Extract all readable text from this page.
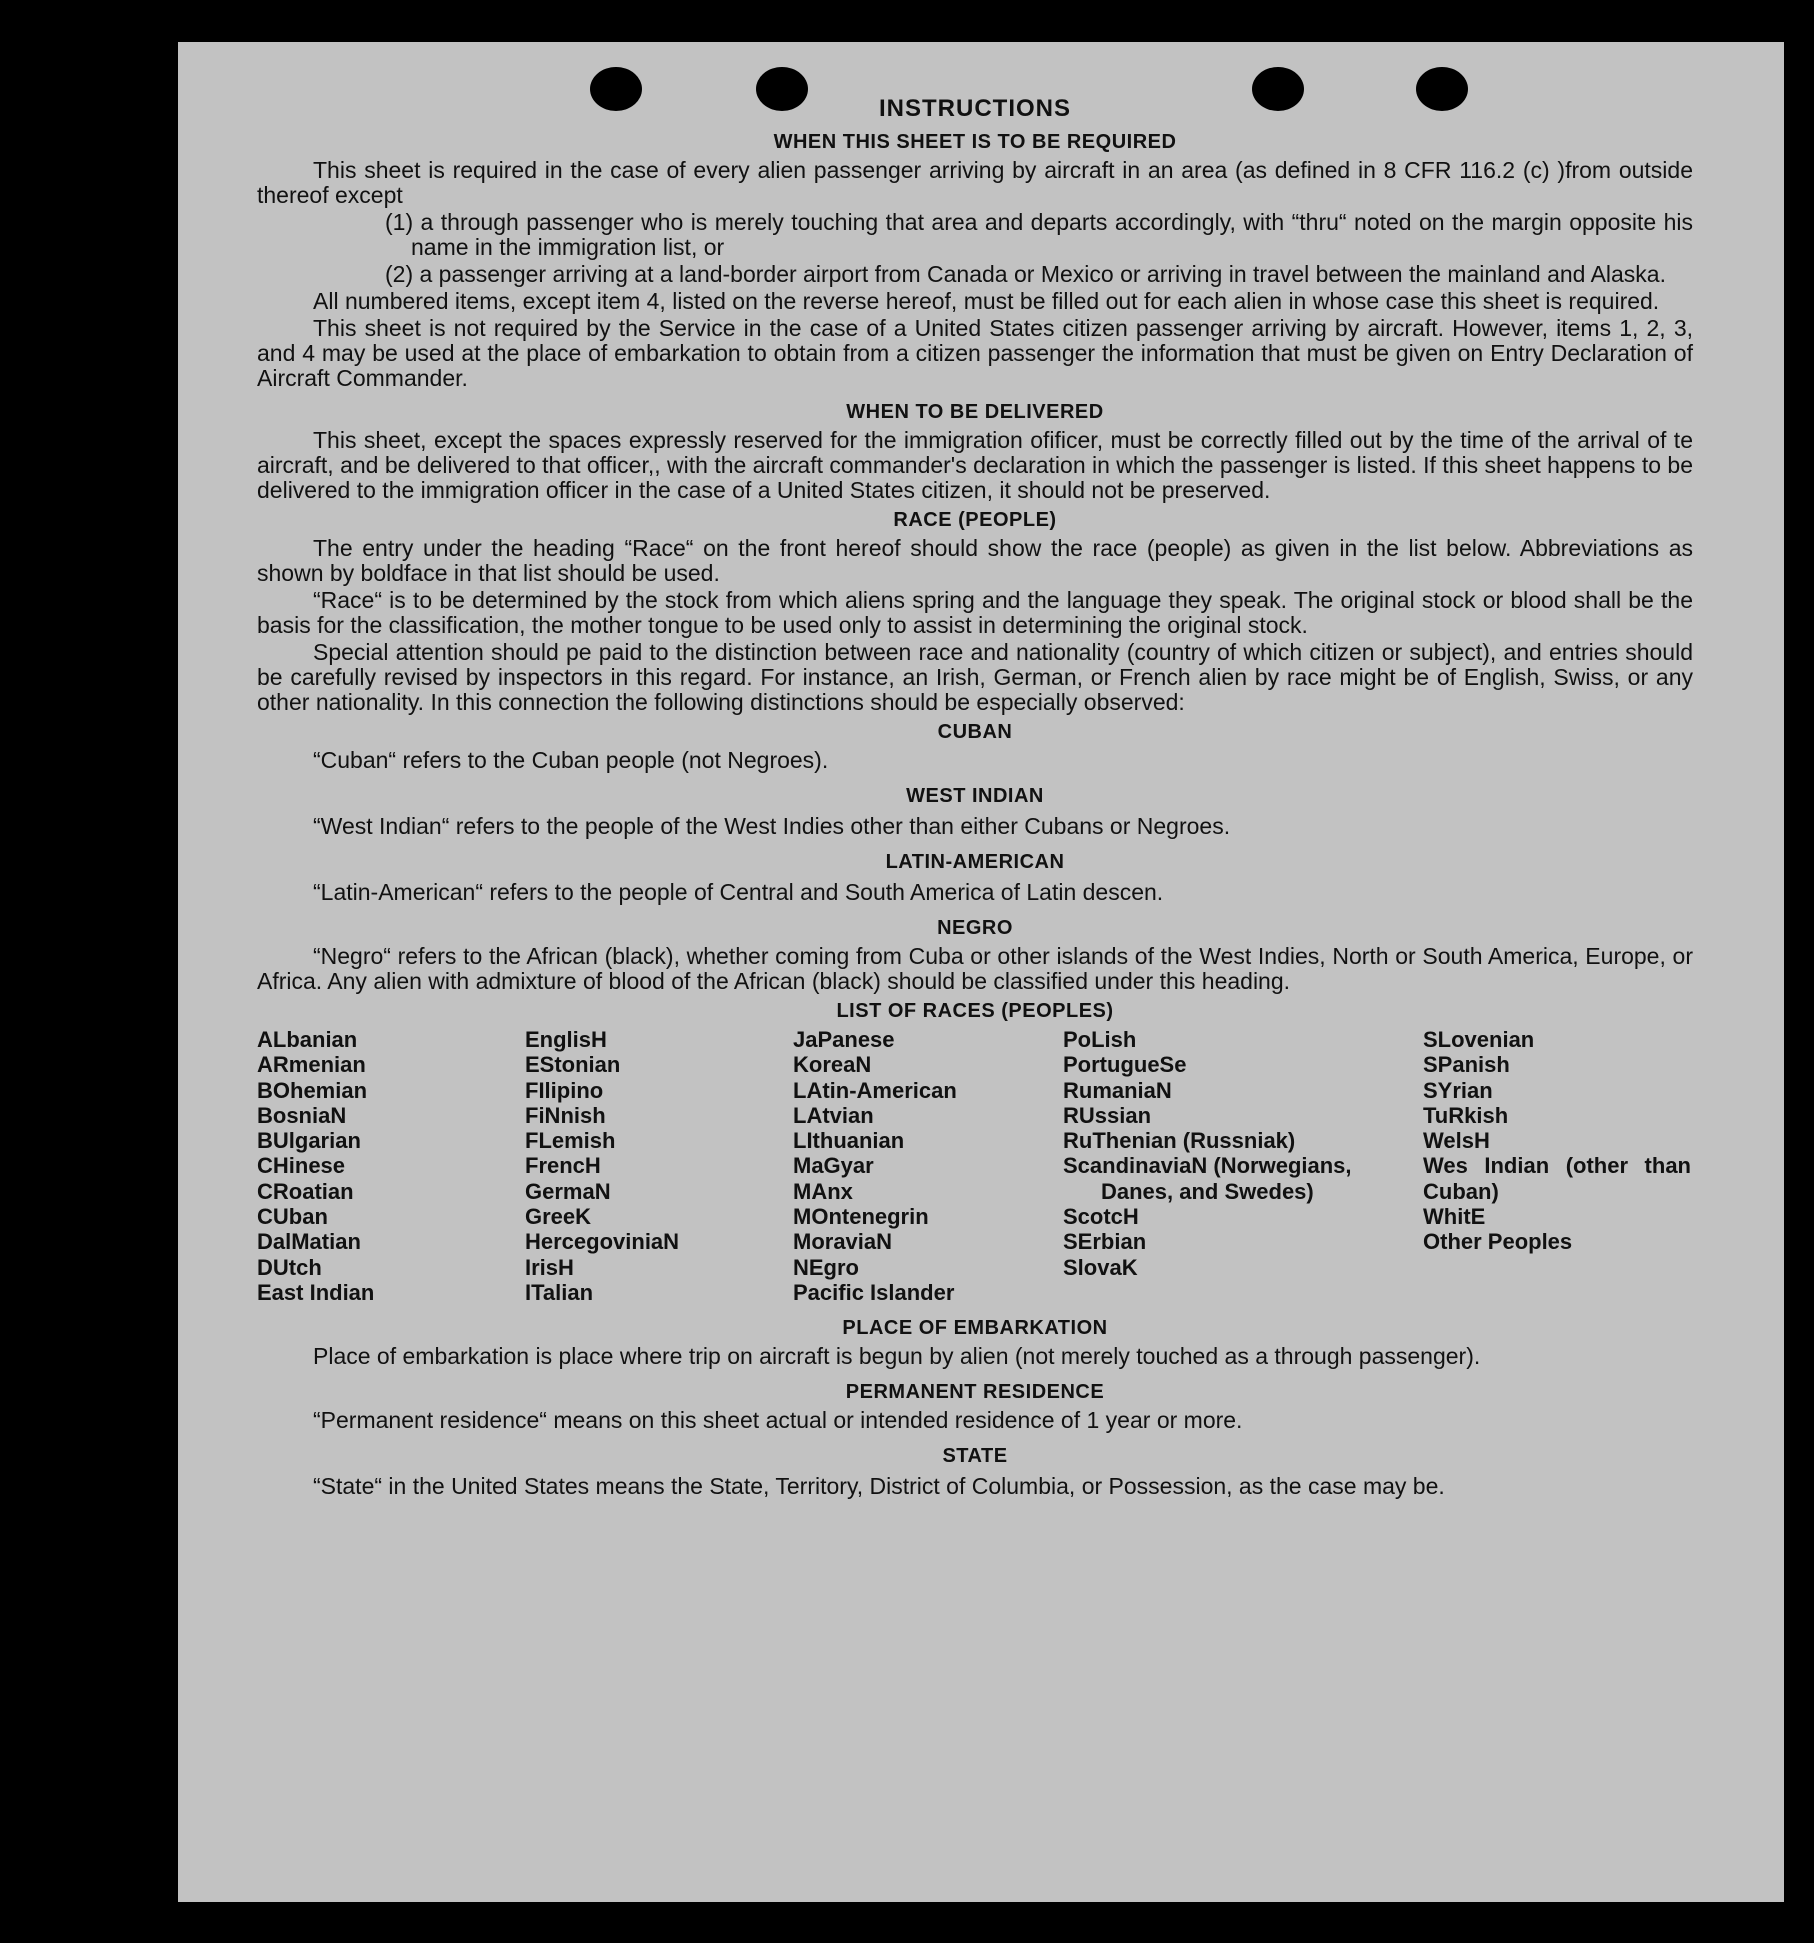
INSTRUCTIONS
WHEN THIS SHEET IS TO BE REQUIRED

This sheet is required in the case of every alien passenger arriving by aircraft in an area (as defined in 8 CFR 116.2 (c) )from outside thereof except

(1) a through passenger who is merely touching that area and departs accordingly, with “thru“ noted on the margin opposite his name in the immigration list, or

(2) a passenger arriving at a land-border airport from Canada or Mexico or arriving in travel between the mainland and Alaska.

All numbered items, except item 4, listed on the reverse hereof, must be filled out for each alien in whose case this sheet is required.

This sheet is not required by the Service in the case of a United States citizen passenger arriving by aircraft. However, items 1, 2, 3, and 4 may be used at the place of embarkation to obtain from a citizen passenger the information that must be given on Entry Declaration of Aircraft Commander.

WHEN TO BE DELIVERED

This sheet, except the spaces expressly reserved for the immigration ofificer, must be correctly filled out by the time of the arrival of te aircraft, and be delivered to that officer,, with the aircraft commander's declaration in which the passenger is listed. If this sheet happens to be delivered to the immigration officer in the case of a United States citizen, it should not be preserved.

RACE (PEOPLE)

The entry under the heading “Race“ on the front hereof should show the race (people) as given in the list below. Abbreviations as shown by boldface in that list should be used.

“Race“ is to be determined by the stock from which aliens spring and the language they speak. The original stock or blood shall be the basis for the classification, the mother tongue to be used only to assist in determining the original stock.

Special attention should pe paid to the distinction between race and nationality (country of which citizen or subject), and entries should be carefully revised by inspectors in this regard. For instance, an Irish, German, or French alien by race might be of English, Swiss, or any other nationality. In this connection the following distinctions should be especially observed:

CUBAN

“Cuban“ refers to the Cuban people (not Negroes).

WEST INDIAN

“West Indian“ refers to the people of the West Indies other than either Cubans or Negroes.

LATIN-AMERICAN

“Latin-American“ refers to the people of Central and South America of Latin descen.

NEGRO

“Negro“ refers to the African (black), whether coming from Cuba or other islands of the West Indies, North or South America, Europe, or Africa. Any alien with admixture of blood of the African (black) should be classified under this heading.

LIST OF RACES (PEOPLES)
ALbanian
ARmenian
BOhemian
BosniaN
BUlgarian
CHinese
CRoatian
CUban
DalMatian
DUtch
East Indian
EnglisH
EStonian
FIlipino
FiNnish
FLemish
FrencH
GermaN
GreeK
HercegoviniaN
IrisH
ITalian
JaPanese
KoreaN
LAtin-American
LAtvian
LIthuanian
MaGyar
MAnx
MOntenegrin
MoraviaN
NEgro
Pacific Islander
PoLish
PortugueSe
RumaniaN
RUssian
RuThenian (Russniak)
ScandinaviaN (Norwegians, Danes, and Swedes)
ScotcH
SErbian
SlovaK
SLovenian
SPanish
SYrian
TuRkish
WelsH
Wes Indian (other than Cuban)
WhitE
Other Peoples
PLACE OF EMBARKATION

Place of embarkation is place where trip on aircraft is begun by alien (not merely touched as a through passenger).

PERMANENT RESIDENCE

“Permanent residence“ means on this sheet actual or intended residence of 1 year or more.

STATE

“State“ in the United States means the State, Territory, District of Columbia, or Possession, as the case may be.
